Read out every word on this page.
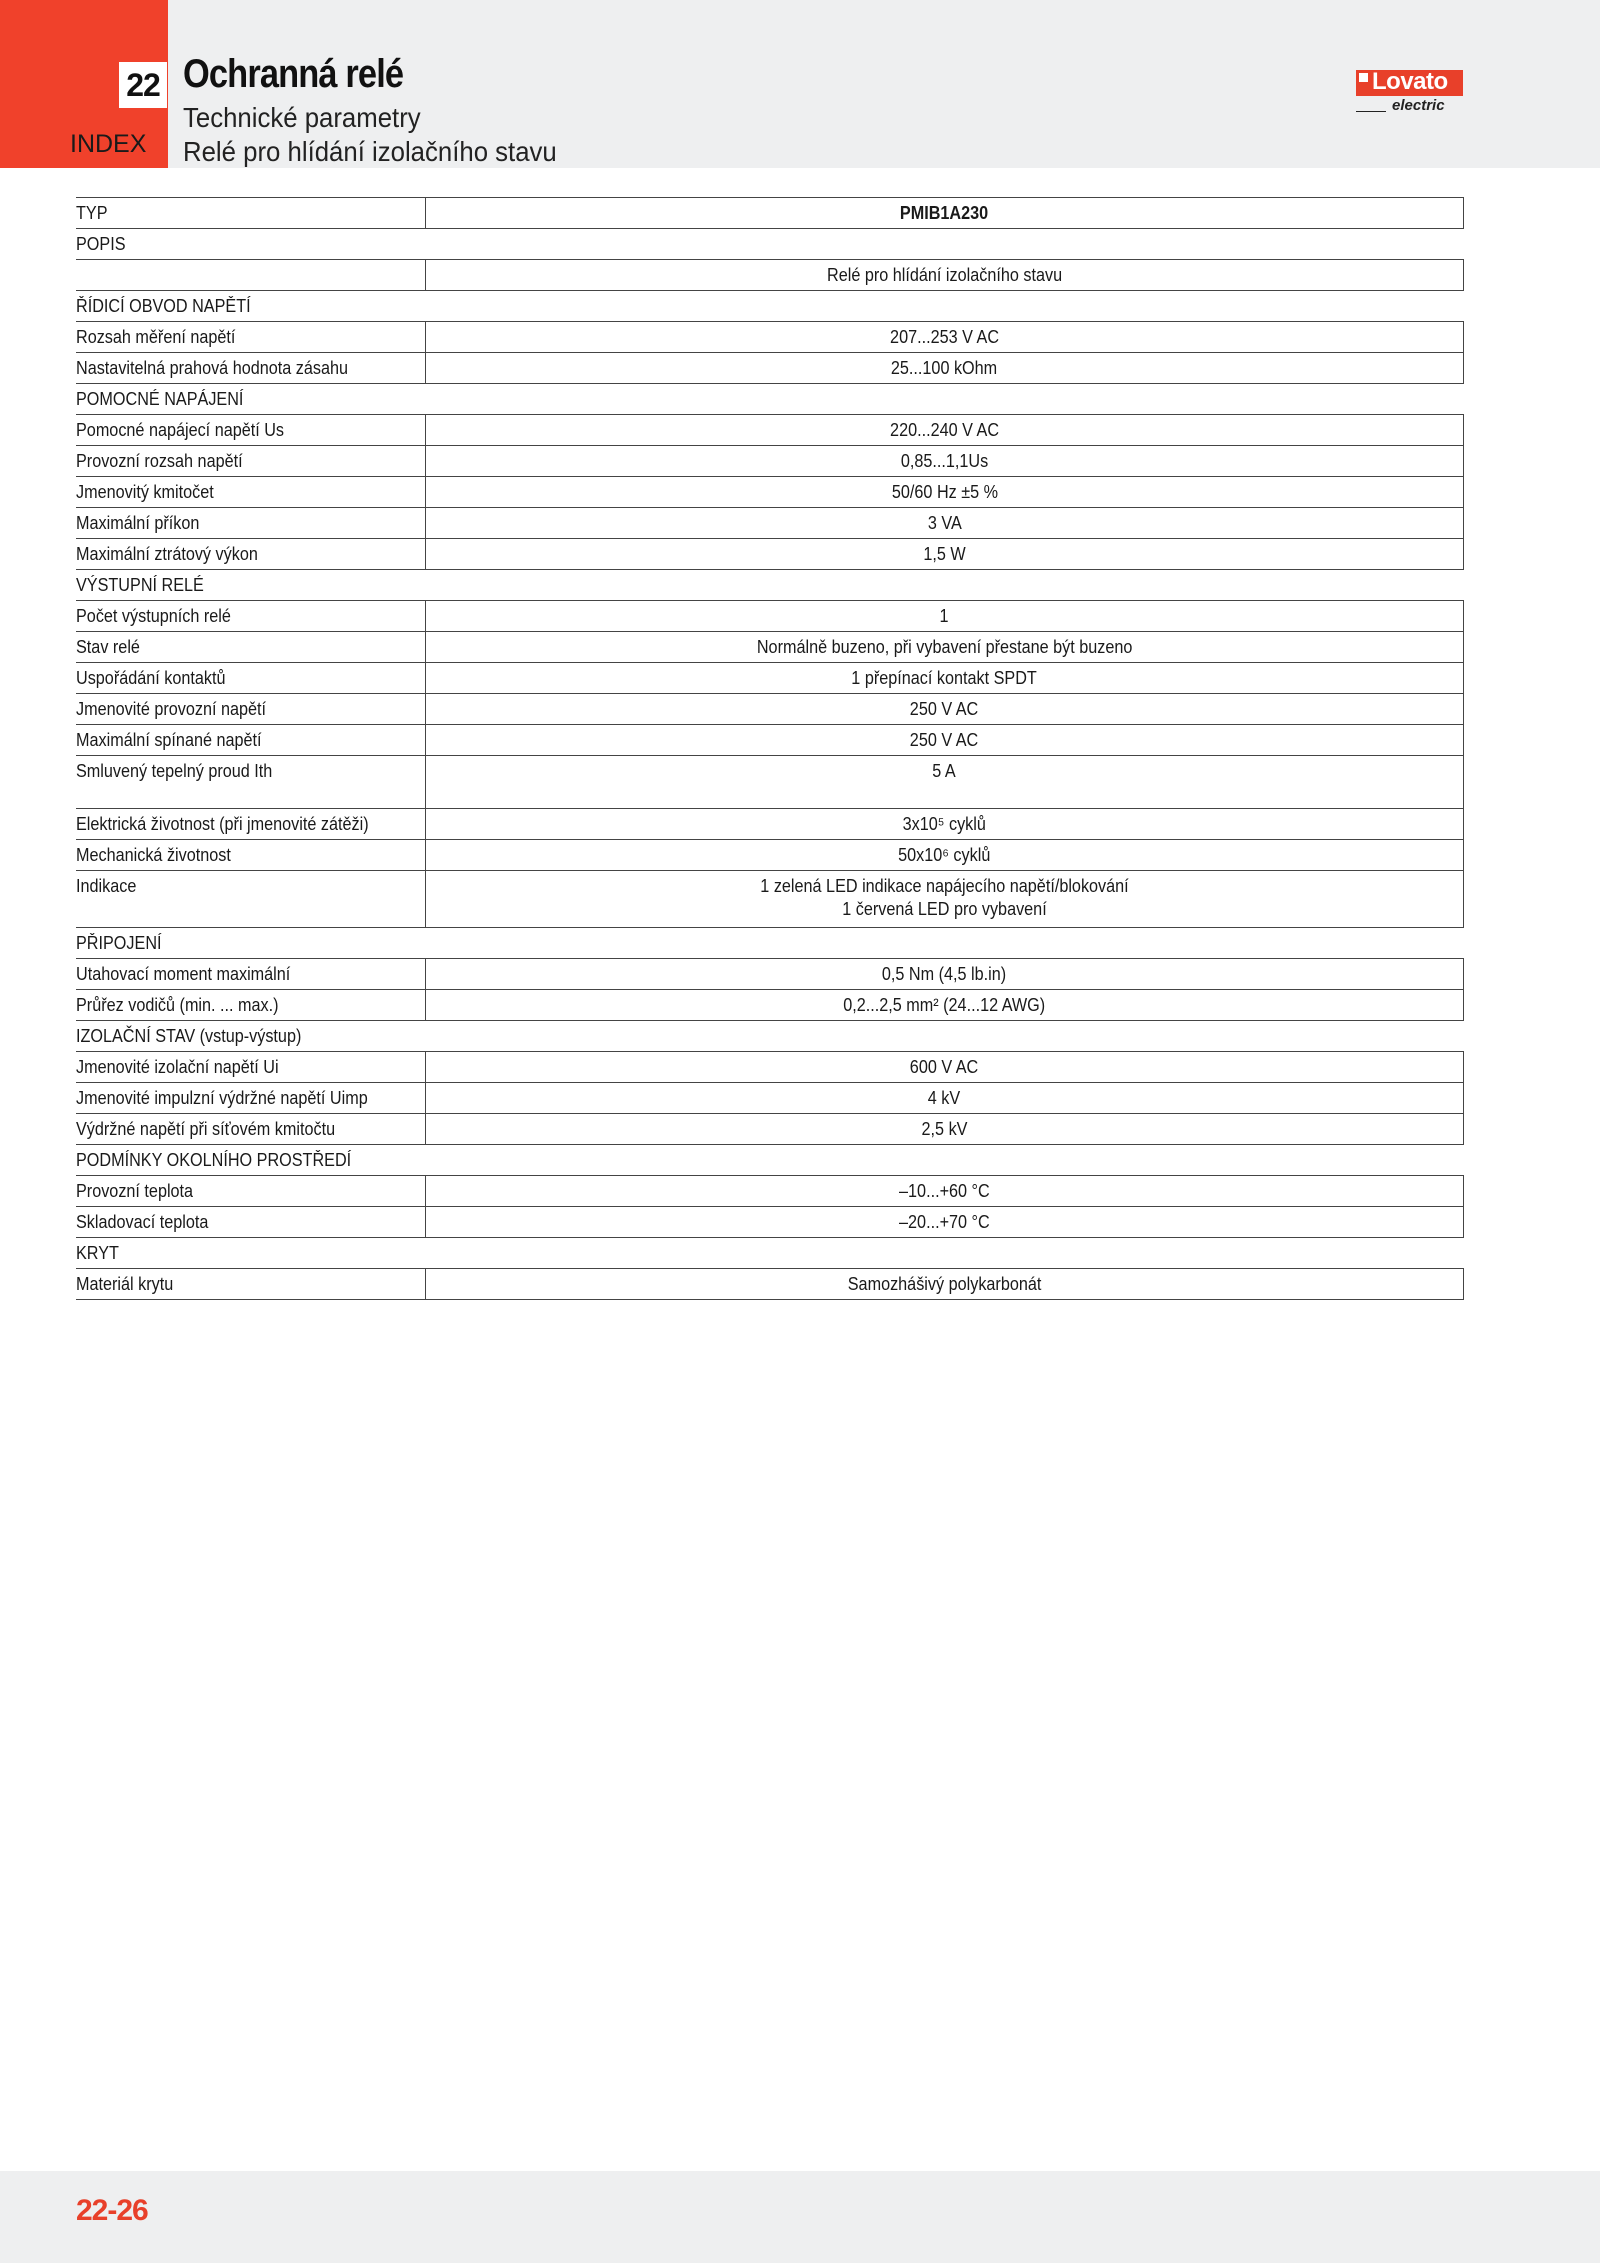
22
INDEX
Ochranná relé
Technické parametry
Relé pro hlídání izolačního stavu
Lovato
electric
TYP	PMIB1A230
POPIS	
	Relé pro hlídání izolačního stavu
ŘÍDICÍ OBVOD NAPĚTÍ	
Rozsah měření napětí	207...253 V AC
Nastavitelná prahová hodnota zásahu	25...100 kOhm
POMOCNÉ NAPÁJENÍ	
Pomocné napájecí napětí Us	220...240 V AC
Provozní rozsah napětí	0,85...1,1Us
Jmenovitý kmitočet	50/60 Hz ±5 %
Maximální příkon	3 VA
Maximální ztrátový výkon	1,5 W
VÝSTUPNÍ RELÉ	
Počet výstupních relé	1
Stav relé	Normálně buzeno, při vybavení přestane být buzeno
Uspořádání kontaktů	1 přepínací kontakt SPDT
Jmenovité provozní napětí	250 V AC
Maximální spínané napětí	250 V AC
Smluvený tepelný proud Ith	5 A
Elektrická životnost (při jmenovité zátěži)	3x10⁵ cyklů
Mechanická životnost	50x10⁶ cyklů
Indikace	1 zelená LED indikace napájecího napětí/blokování
1 červená LED pro vybavení

PŘIPOJENÍ	
Utahovací moment maximální	0,5 Nm (4,5 lb.in)
Průřez vodičů (min. ... max.)	0,2...2,5 mm² (24...12 AWG)
IZOLAČNÍ STAV (vstup-výstup)	
Jmenovité izolační napětí Ui	600 V AC
Jmenovité impulzní výdržné napětí Uimp	4 kV
Výdržné napětí při síťovém kmitočtu	2,5 kV
PODMÍNKY OKOLNÍHO PROSTŘEDÍ	
Provozní teplota	–10...+60 °C
Skladovací teplota	–20...+70 °C
KRYT	
Materiál krytu	Samozhášivý polykarbonát
22-26
